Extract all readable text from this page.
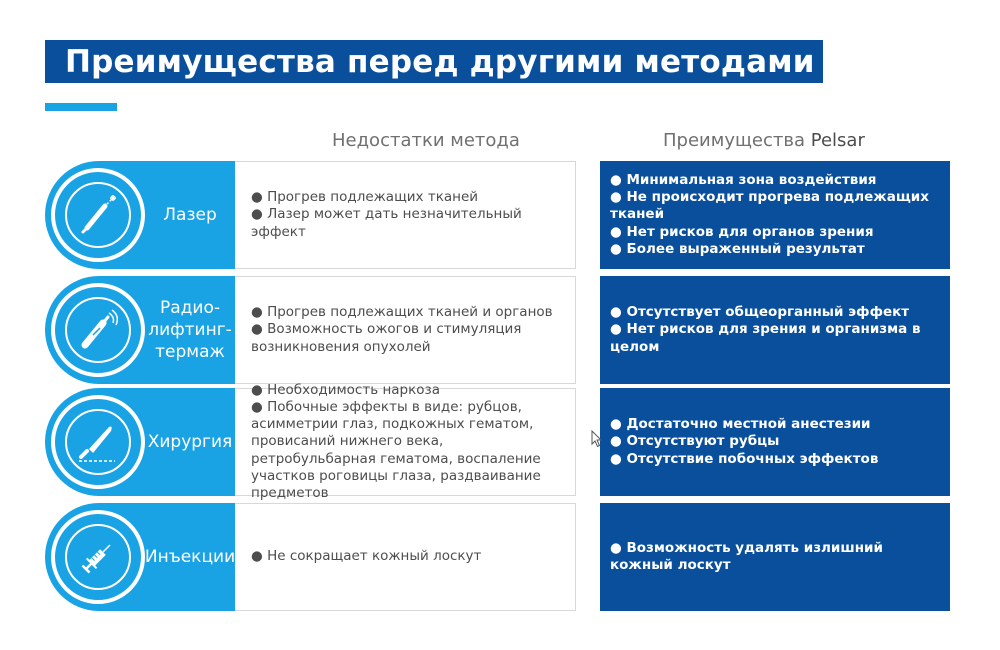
Преимущества перед другими методами
Недостатки метода	Преимущества Pelsar
Лазер
● Прогрев подлежащих тканей
● Лазер может дать незначительный эффект
● Минимальная зона воздействия
● Не происходит прогрева подлежащих тканей
● Нет рисков для органов зрения
● Более выраженный результат
Радио-
лифтинг-
термаж
● Прогрев подлежащих тканей и органов
● Возможность ожогов и стимуляция возникновения опухолей
● Отсутствует общеорганный эффект
● Нет рисков для зрения и организма в целом
Хирургия
● Необходимость наркоза
● Побочные эффекты в виде: рубцов, асимметрии глаз, подкожных гематом, провисаний нижнего века, ретробульбарная гематома, воспаление участков роговицы глаза, раздваивание предметов
● Достаточно местной анестезии
● Отсутствуют рубцы
● Отсутствие побочных эффектов
Инъекции ● Не сокращает кожный лоскут
● Возможность удалять излишний кожный лоскут
